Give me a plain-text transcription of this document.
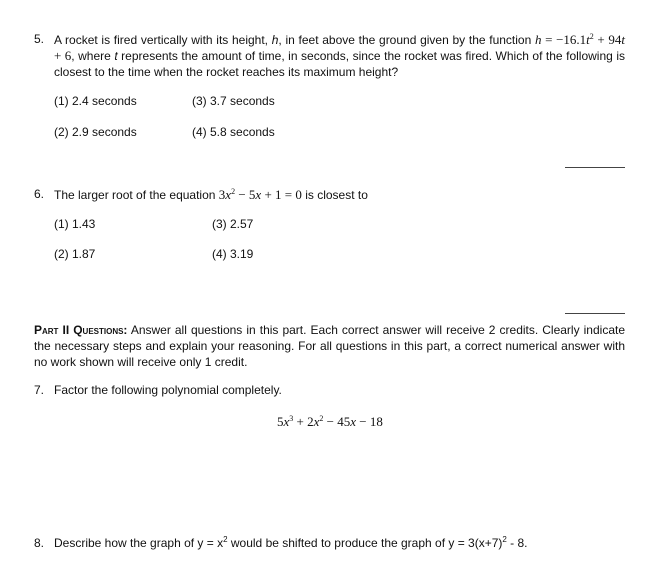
5. A rocket is fired vertically with its height, h, in feet above the ground given by the function $h = -16.1t^2 + 94t + 6$, where t represents the amount of time, in seconds, since the rocket was fired. Which of the following is closest to the time when the rocket reaches its maximum height?
(1) 2.4 seconds	(3) 3.7 seconds
(2) 2.9 seconds	(4) 5.8 seconds
6. The larger root of the equation $3x^2 - 5x + 1 = 0$ is closest to
(1) 1.43	(3) 2.57
(2) 1.87	(4) 3.19
Part II Questions: Answer all questions in this part. Each correct answer will receive 2 credits. Clearly indicate the necessary steps and explain your reasoning. For all questions in this part, a correct numerical answer with no work shown will receive only 1 credit.
7. Factor the following polynomial completely.
$5x^3 + 2x^2 - 45x - 18$
8. Describe how the graph of $y = x^2$ would be shifted to produce the graph of $y = 3(x+7)^2 - 8$.
